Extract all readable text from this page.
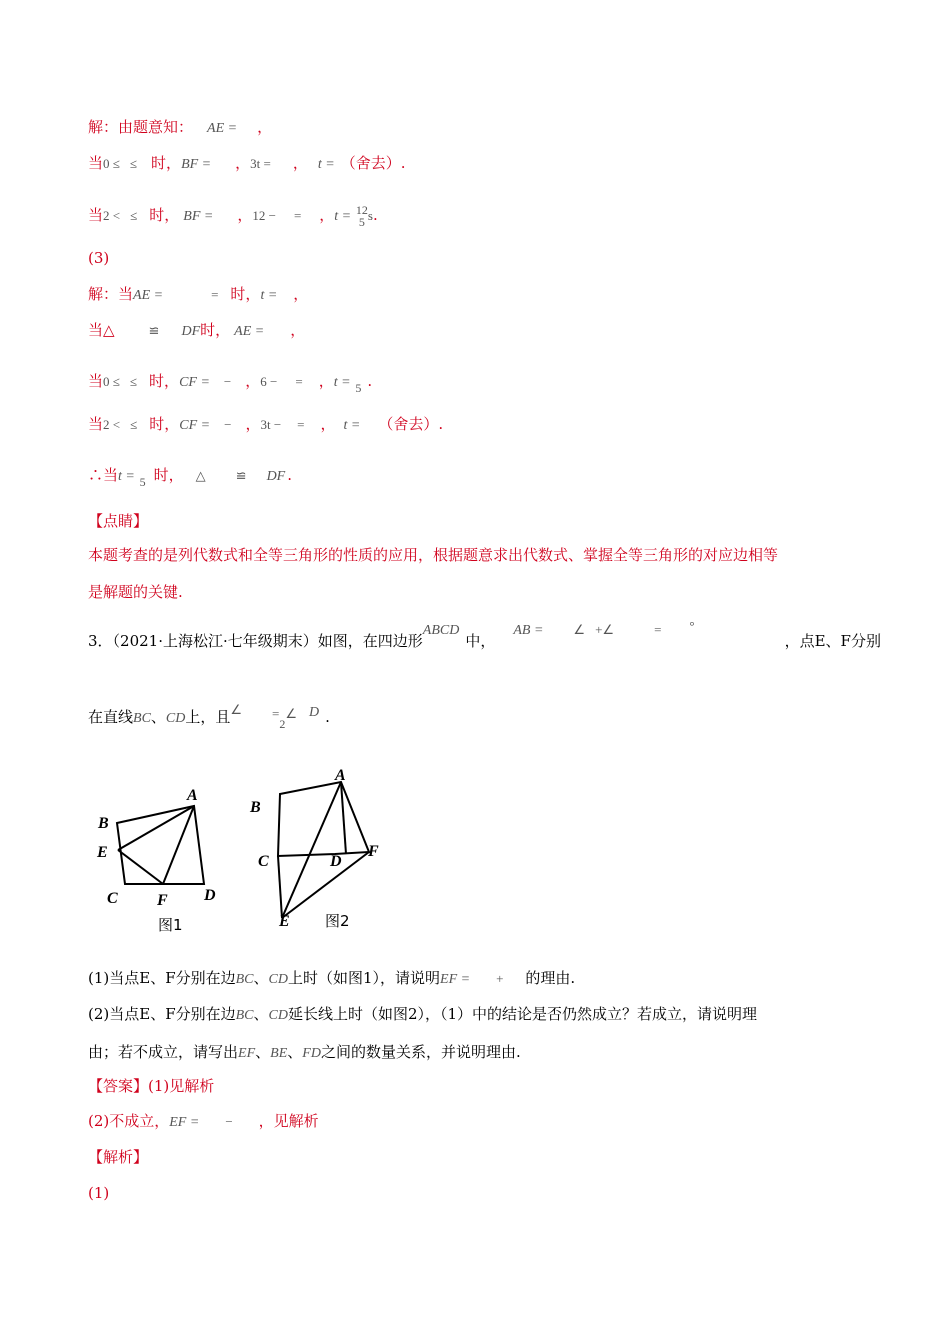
解：由题意知： AE = ，
当0 ≤ ≤ 时，BF = ，3t = ， t = （舍去）.
当2 < ≤ 时， BF = ，12 − = ，t = 12
5 s.
(3)
解：当AE =	= 时，t = ，
当△	≌ DF时， AE = ，
当0 ≤ ≤ 时，CF = − ，6 − = ，t =
5 .
当2 < ≤ 时，CF = − ，3t − = ， t = （舍去）.
∴当t =
5 时， △ ≌ DF .
【点睛】
本题考查的是列代数式和全等三角形的性质的应用，根据题意求出代数式、掌握全等三角形的对应边相等
是解题的关键.
3．（2021·上海松江·七年级期末）如图，在四边形ABCD中，AB = ∠ +∠	= °，点E、F分别
在直线BC、CD上，且∠ =

2
∠ D .
A
B
E
C F D
A
B
C	D
F
E
图1	图2
(1)当点E、F分别在边BC、CD上时（如图1），请说明EF = + 的理由.
(2)当点E、F分别在边BC、CD延长线上时（如图2），（1）中的结论是否仍然成立？若成立，请说明理
由；若不成立，请写出EF、BE、FD之间的数量关系，并说明理由.
【答案】(1)见解析
(2)不成立，EF = − ，见解析
【解析】
(1)
